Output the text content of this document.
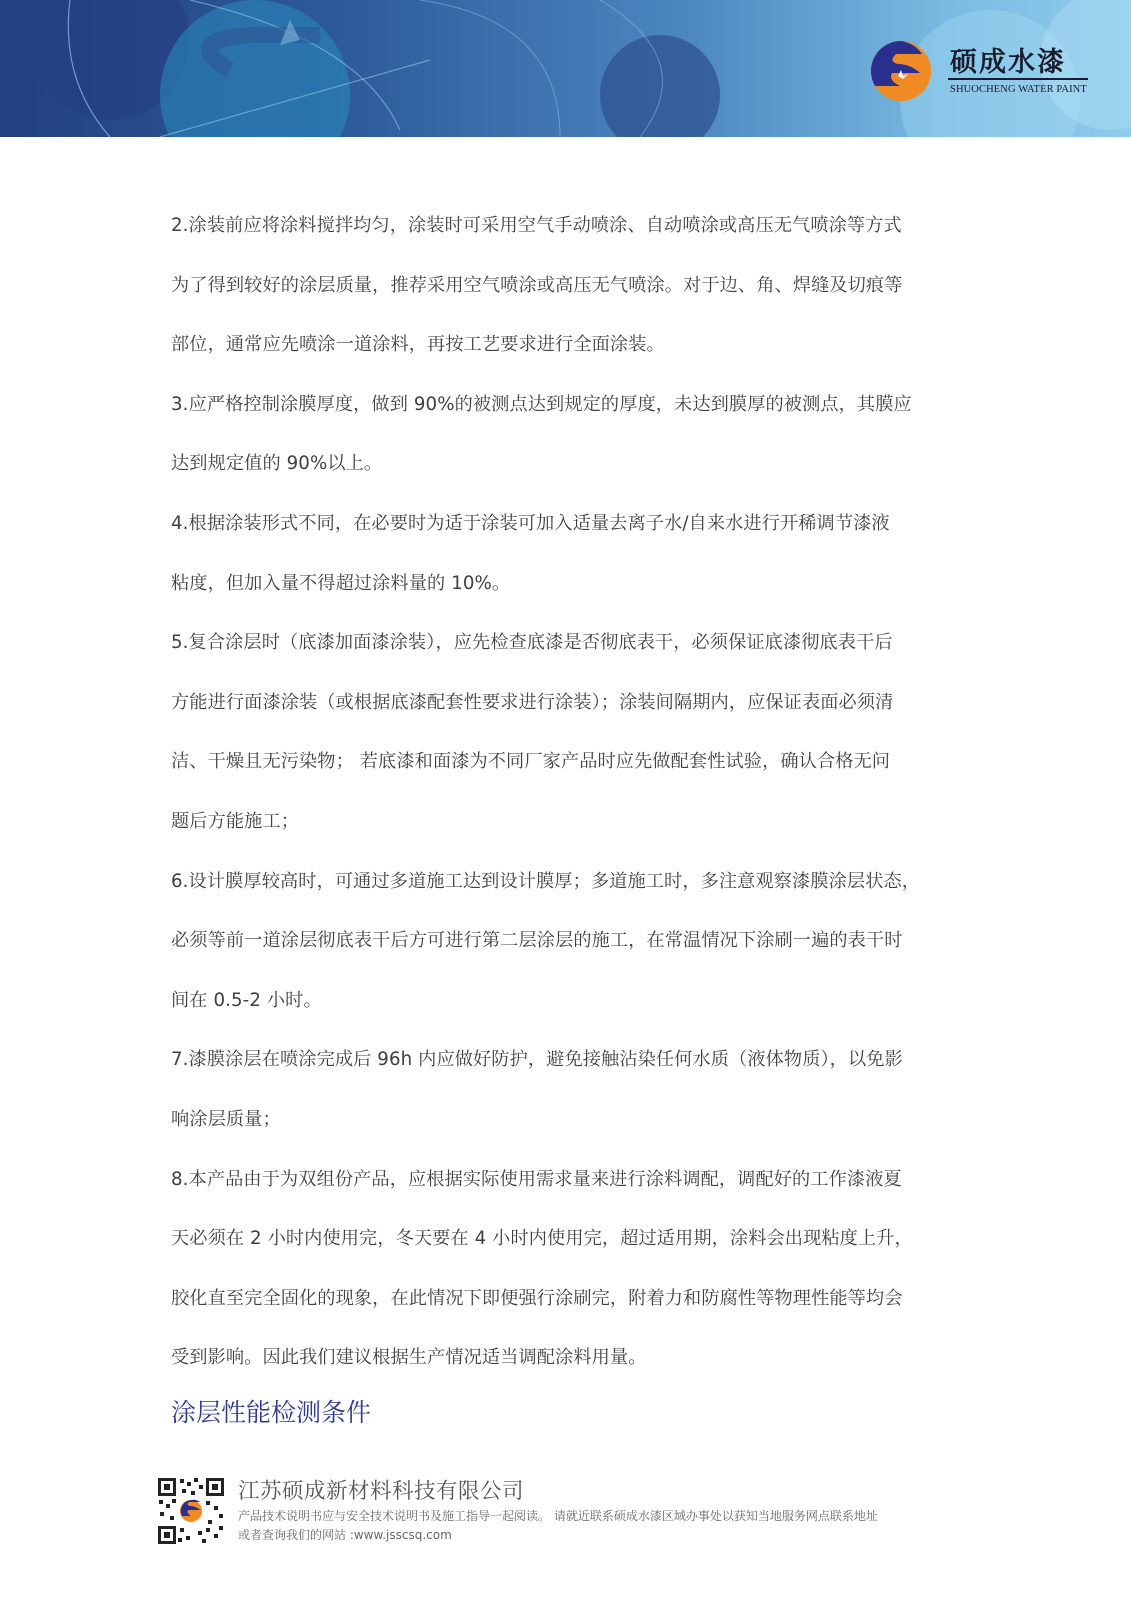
硕成水漆
SHUOCHENG WATER PAINT
2.涂装前应将涂料搅拌均匀，涂装时可采用空气手动喷涂、自动喷涂或高压无气喷涂等方式
为了得到较好的涂层质量，推荐采用空气喷涂或高压无气喷涂。对于边、角、焊缝及切痕等
部位，通常应先喷涂一道涂料，再按工艺要求进行全面涂装。
3.应严格控制涂膜厚度，做到 90%的被测点达到规定的厚度，未达到膜厚的被测点，其膜应
达到规定值的 90%以上。
4.根据涂装形式不同，在必要时为适于涂装可加入适量去离子水/自来水进行开稀调节漆液
粘度，但加入量不得超过涂料量的 10%。
5.复合涂层时（底漆加面漆涂装），应先检查底漆是否彻底表干，必须保证底漆彻底表干后
方能进行面漆涂装（或根据底漆配套性要求进行涂装）；涂装间隔期内，应保证表面必须清
洁、干燥且无污染物； 若底漆和面漆为不同厂家产品时应先做配套性试验，确认合格无问
题后方能施工；
6.设计膜厚较高时，可通过多道施工达到设计膜厚；多道施工时，多注意观察漆膜涂层状态，
必须等前一道涂层彻底表干后方可进行第二层涂层的施工，在常温情况下涂刷一遍的表干时
间在 0.5-2 小时。
7.漆膜涂层在喷涂完成后 96h 内应做好防护，避免接触沾染任何水质（液体物质），以免影
响涂层质量；
8.本产品由于为双组份产品，应根据实际使用需求量来进行涂料调配，调配好的工作漆液夏
天必须在 2 小时内使用完，冬天要在 4 小时内使用完，超过适用期，涂料会出现粘度上升，
胶化直至完全固化的现象，在此情况下即便强行涂刷完，附着力和防腐性等物理性能等均会
受到影响。因此我们建议根据生产情况适当调配涂料用量。
涂层性能检测条件
江苏硕成新材料科技有限公司
产品技术说明书应与安全技术说明书及施工指导一起阅读。 请就近联系硕成水漆区域办事处以获知当地服务网点联系地址
或者查询我们的网站 :www.jsscsq.com
